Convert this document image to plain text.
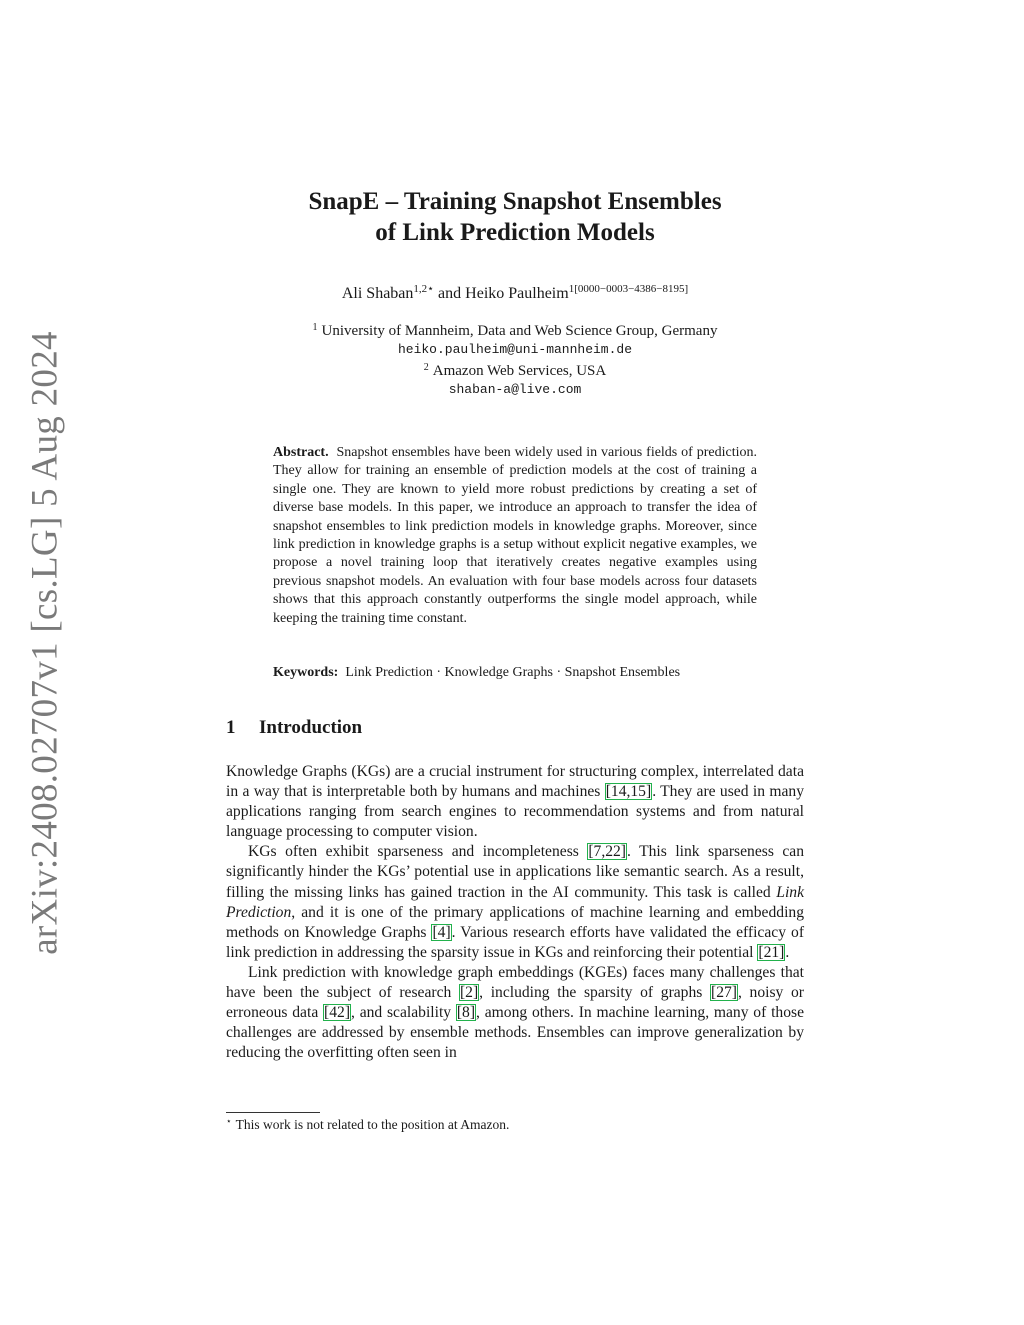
arXiv:2408.02707v1 [cs.LG] 5 Aug 2024
SnapE – Training Snapshot Ensembles
of Link Prediction Models
Ali Shaban$^{1,2⋆}$ and Heiko Paulheim$^{1[0000-0003-4386-8195]}$
$^1$ University of Mannheim, Data and Web Science Group, Germany
heiko.paulheim@uni-mannheim.de
$^2$ Amazon Web Services, USA
shaban-a@live.com
Abstract. Snapshot ensembles have been widely used in various fields of prediction. They allow for training an ensemble of prediction models at the cost of training a single one. They are known to yield more robust predictions by creating a set of diverse base models. In this paper, we introduce an approach to transfer the idea of snapshot ensembles to link prediction models in knowledge graphs. Moreover, since link prediction in knowledge graphs is a setup without explicit negative examples, we propose a novel training loop that iteratively creates negative examples using previous snapshot models. An evaluation with four base models across four datasets shows that this approach constantly outperforms the single model approach, while keeping the training time constant.
Keywords: Link Prediction · Knowledge Graphs · Snapshot Ensembles
1 Introduction

Knowledge Graphs (KGs) are a crucial instrument for structuring complex, interrelated data in a way that is interpretable both by humans and machines [14,15]. They are used in many applications ranging from search engines to recommendation systems and from natural language processing to computer vision.

KGs often exhibit sparseness and incompleteness [7,22]. This link sparseness can significantly hinder the KGs’ potential use in applications like semantic search. As a result, filling the missing links has gained traction in the AI community. This task is called Link Prediction, and it is one of the primary applications of machine learning and embedding methods on Knowledge Graphs [4]. Various research efforts have validated the efficacy of link prediction in addressing the sparsity issue in KGs and reinforcing their potential [21].

Link prediction with knowledge graph embeddings (KGEs) faces many challenges that have been the subject of research [2], including the sparsity of graphs [27], noisy or erroneous data [42], and scalability [8], among others. In machine learning, many of those challenges are addressed by ensemble methods. Ensembles can improve generalization by reducing the overfitting often seen in

⋆ This work is not related to the position at Amazon.
